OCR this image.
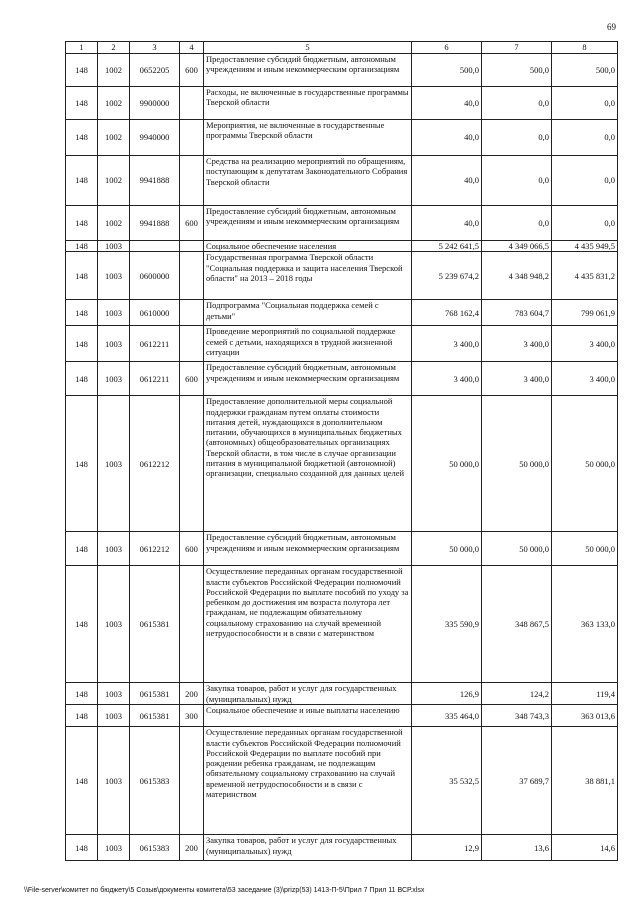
69
1	2	3	4	5	6	7	8
148	1002	0652205	600	Предоставление субсидий бюджетным, автономным учреждениям и иным некоммерческим организациям	500,0	500,0	500,0
148	1002	9900000		Расходы, не включенные в государственные программы Тверской области	40,0	0,0	0,0
148	1002	9940000		Мероприятия, не включенные в государственные программы Тверской области	40,0	0,0	0,0
148	1002	9941888		Средства на реализацию мероприятий по обращениям, поступающим к депутатам Законодательного Собрания Тверской области	40,0	0,0	0,0
148	1002	9941888	600	Предоставление субсидий бюджетным, автономным учреждениям и иным некоммерческим организациям	40,0	0,0	0,0
148	1003			Социальное обеспечение населения	5 242 641,5	4 349 066,5	4 435 949,5
148	1003	0600000		Государственная программа Тверской области "Социальная поддержка и защита населения Тверской области" на 2013 – 2018 годы	5 239 674,2	4 348 948,2	4 435 831,2
148	1003	0610000		Подпрограмма "Социальная поддержка семей с детьми"	768 162,4	783 604,7	799 061,9
148	1003	0612211		Проведение мероприятий по социальной поддержке семей с детьми, находящихся в трудной жизненной ситуации	3 400,0	3 400,0	3 400,0
148	1003	0612211	600	Предоставление субсидий бюджетным, автономным учреждениям и иным некоммерческим организациям	3 400,0	3 400,0	3 400,0
148	1003	0612212		Предоставление дополнительной меры социальной поддержки гражданам путем оплаты стоимости питания детей, нуждающихся в дополнительном питании, обучающихся в муниципальных бюджетных (автономных) общеобразовательных организациях Тверской области, в том числе в случае организации питания в муниципальной бюджетной (автономной) организации, специально созданной для данных целей	50 000,0	50 000,0	50 000,0
148	1003	0612212	600	Предоставление субсидий бюджетным, автономным учреждениям и иным некоммерческим организациям	50 000,0	50 000,0	50 000,0
148	1003	0615381		Осуществление переданных органам государственной власти субъектов Российской Федерации полномочий Российской Федерации по выплате пособий по уходу за ребенком до достижения им возраста полутора лет гражданам, не подлежащим обязательному социальному страхованию на случай временной нетрудоспособности и в связи с материнством	335 590,9	348 867,5	363 133,0
148	1003	0615381	200	Закупка товаров, работ и услуг для государственных (муниципальных) нужд	126,9	124,2	119,4
148	1003	0615381	300	Социальное обеспечение и иные выплаты населению	335 464,0	348 743,3	363 013,6
148	1003	0615383		Осуществление переданных органам государственной власти субъектов Российской Федерации полномочий Российской Федерации по выплате пособий при рождении ребенка гражданам, не подлежащим обязательному социальному страхованию на случай временной нетрудоспособности и в связи с материнством	35 532,5	37 689,7	38 881,1
148	1003	0615383	200	Закупка товаров, работ и услуг для государственных (муниципальных) нужд	12,9	13,6	14,6
\\File-server\комитет по бюджету\5 Созыв\документы комитета\53 заседание (3)\prizp(53) 1413-П-5\Прил 7 Прил 11 ВСР.xlsx
